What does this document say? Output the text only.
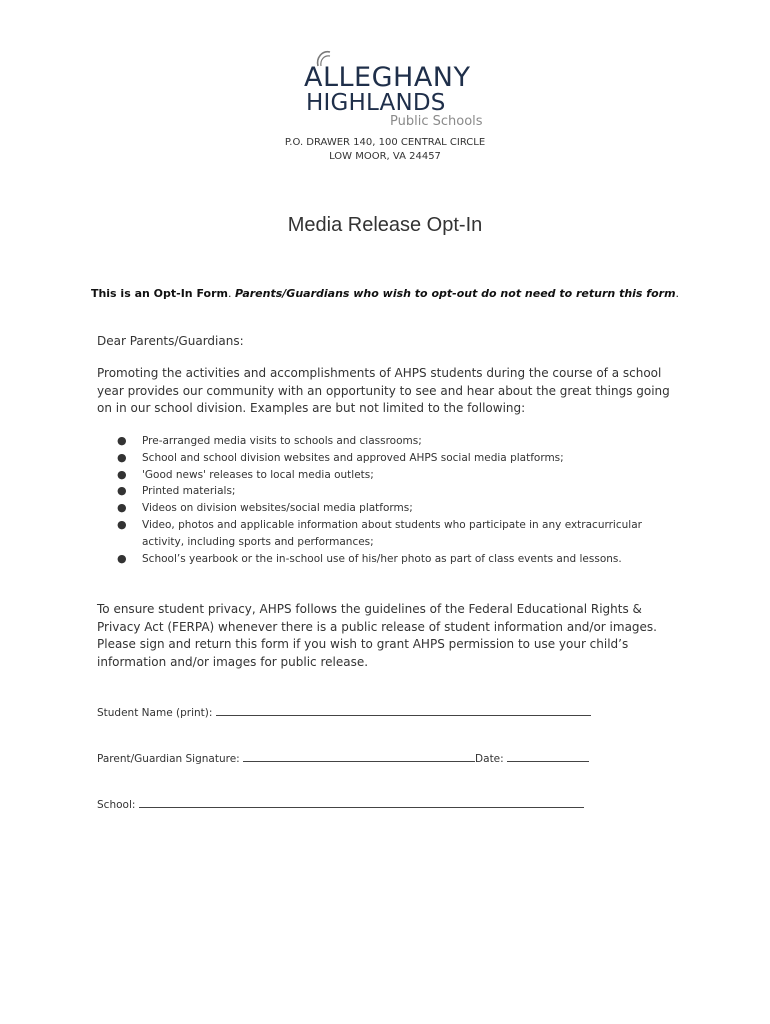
ALLEGHANY
HIGHLANDS
Public Schools
P.O. DRAWER 140, 100 CENTRAL CIRCLE
LOW MOOR, VA 24457
Media Release Opt-In
This is an Opt-In Form. Parents/Guardians who wish to opt-out do not need to return this form.
Dear Parents/Guardians:
Promoting the activities and accomplishments of AHPS students during the course of a school year provides our community with an opportunity to see and hear about the great things going on in our school division. Examples are but not limited to the following:
● Pre-arranged media visits to schools and classrooms;
● School and school division websites and approved AHPS social media platforms;
● 'Good news' releases to local media outlets;
● Printed materials;
● Videos on division websites/social media platforms;
● Video, photos and applicable information about students who participate in any extracurricular activity, including sports and performances;
● School’s yearbook or the in-school use of his/her photo as part of class events and lessons.
To ensure student privacy, AHPS follows the guidelines of the Federal Educational Rights & Privacy Act (FERPA) whenever there is a public release of student information and/or images. Please sign and return this form if you wish to grant AHPS permission to use your child’s information and/or images for public release.
Student Name (print):
Parent/Guardian Signature:	Date:
School:
